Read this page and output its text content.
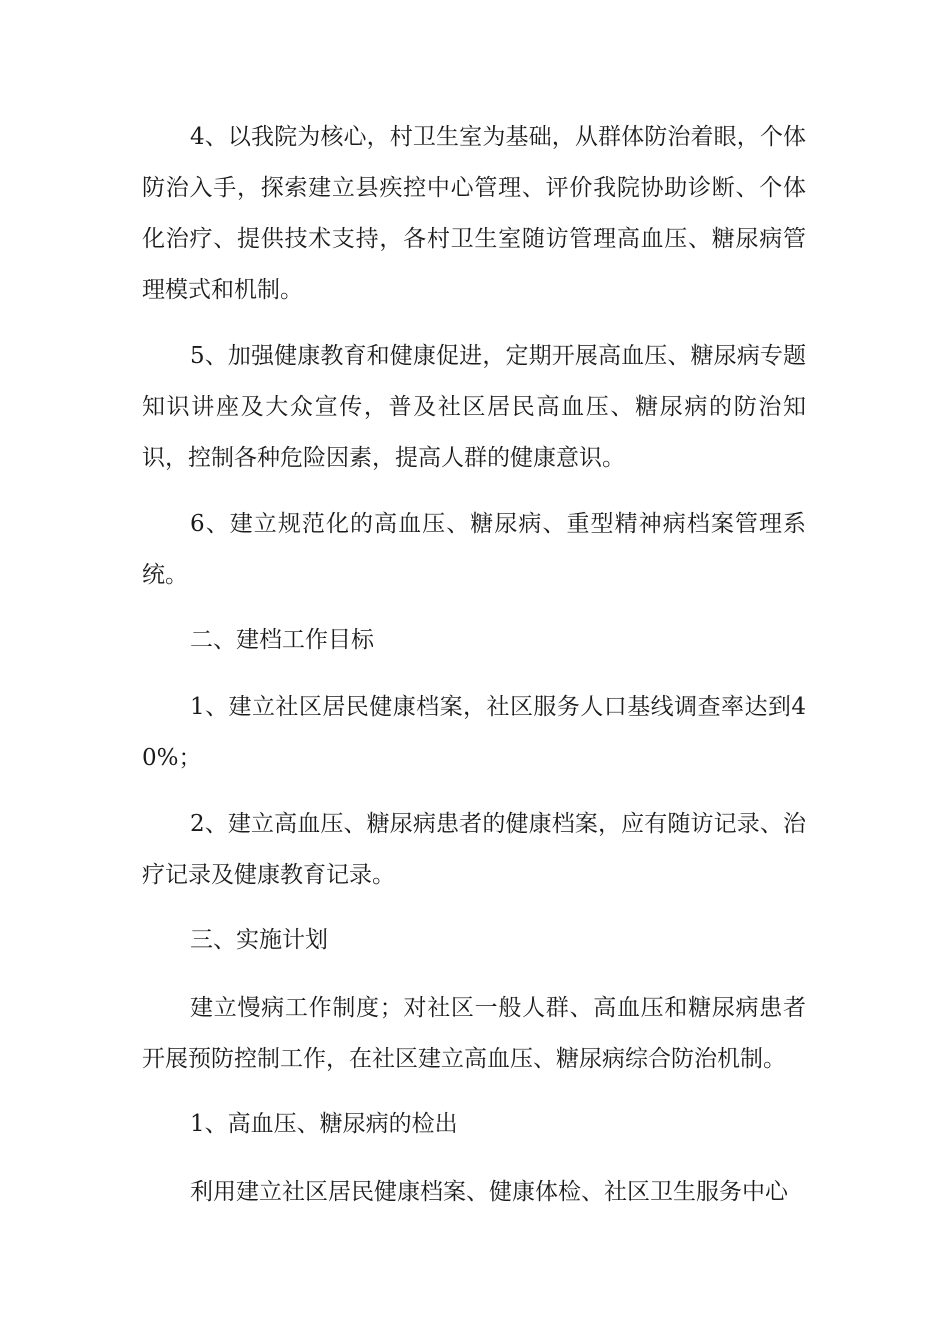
4、以我院为核心，村卫生室为基础，从群体防治着眼，个体防治入手，探索建立县疾控中心管理、评价我院协助诊断、个体化治疗、提供技术支持，各村卫生室随访管理高血压、糖尿病管理模式和机制。

5、加强健康教育和健康促进，定期开展高血压、糖尿病专题知识讲座及大众宣传，普及社区居民高血压、糖尿病的防治知识，控制各种危险因素，提高人群的健康意识。

6、建立规范化的高血压、糖尿病、重型精神病档案管理系统。

二、建档工作目标

1、建立社区居民健康档案，社区服务人口基线调查率达到40%；

2、建立高血压、糖尿病患者的健康档案，应有随访记录、治疗记录及健康教育记录。

三、实施计划

建立慢病工作制度；对社区一般人群、高血压和糖尿病患者开展预防控制工作，在社区建立高血压、糖尿病综合防治机制。

1、高血压、糖尿病的检出

利用建立社区居民健康档案、健康体检、社区卫生服务中心
